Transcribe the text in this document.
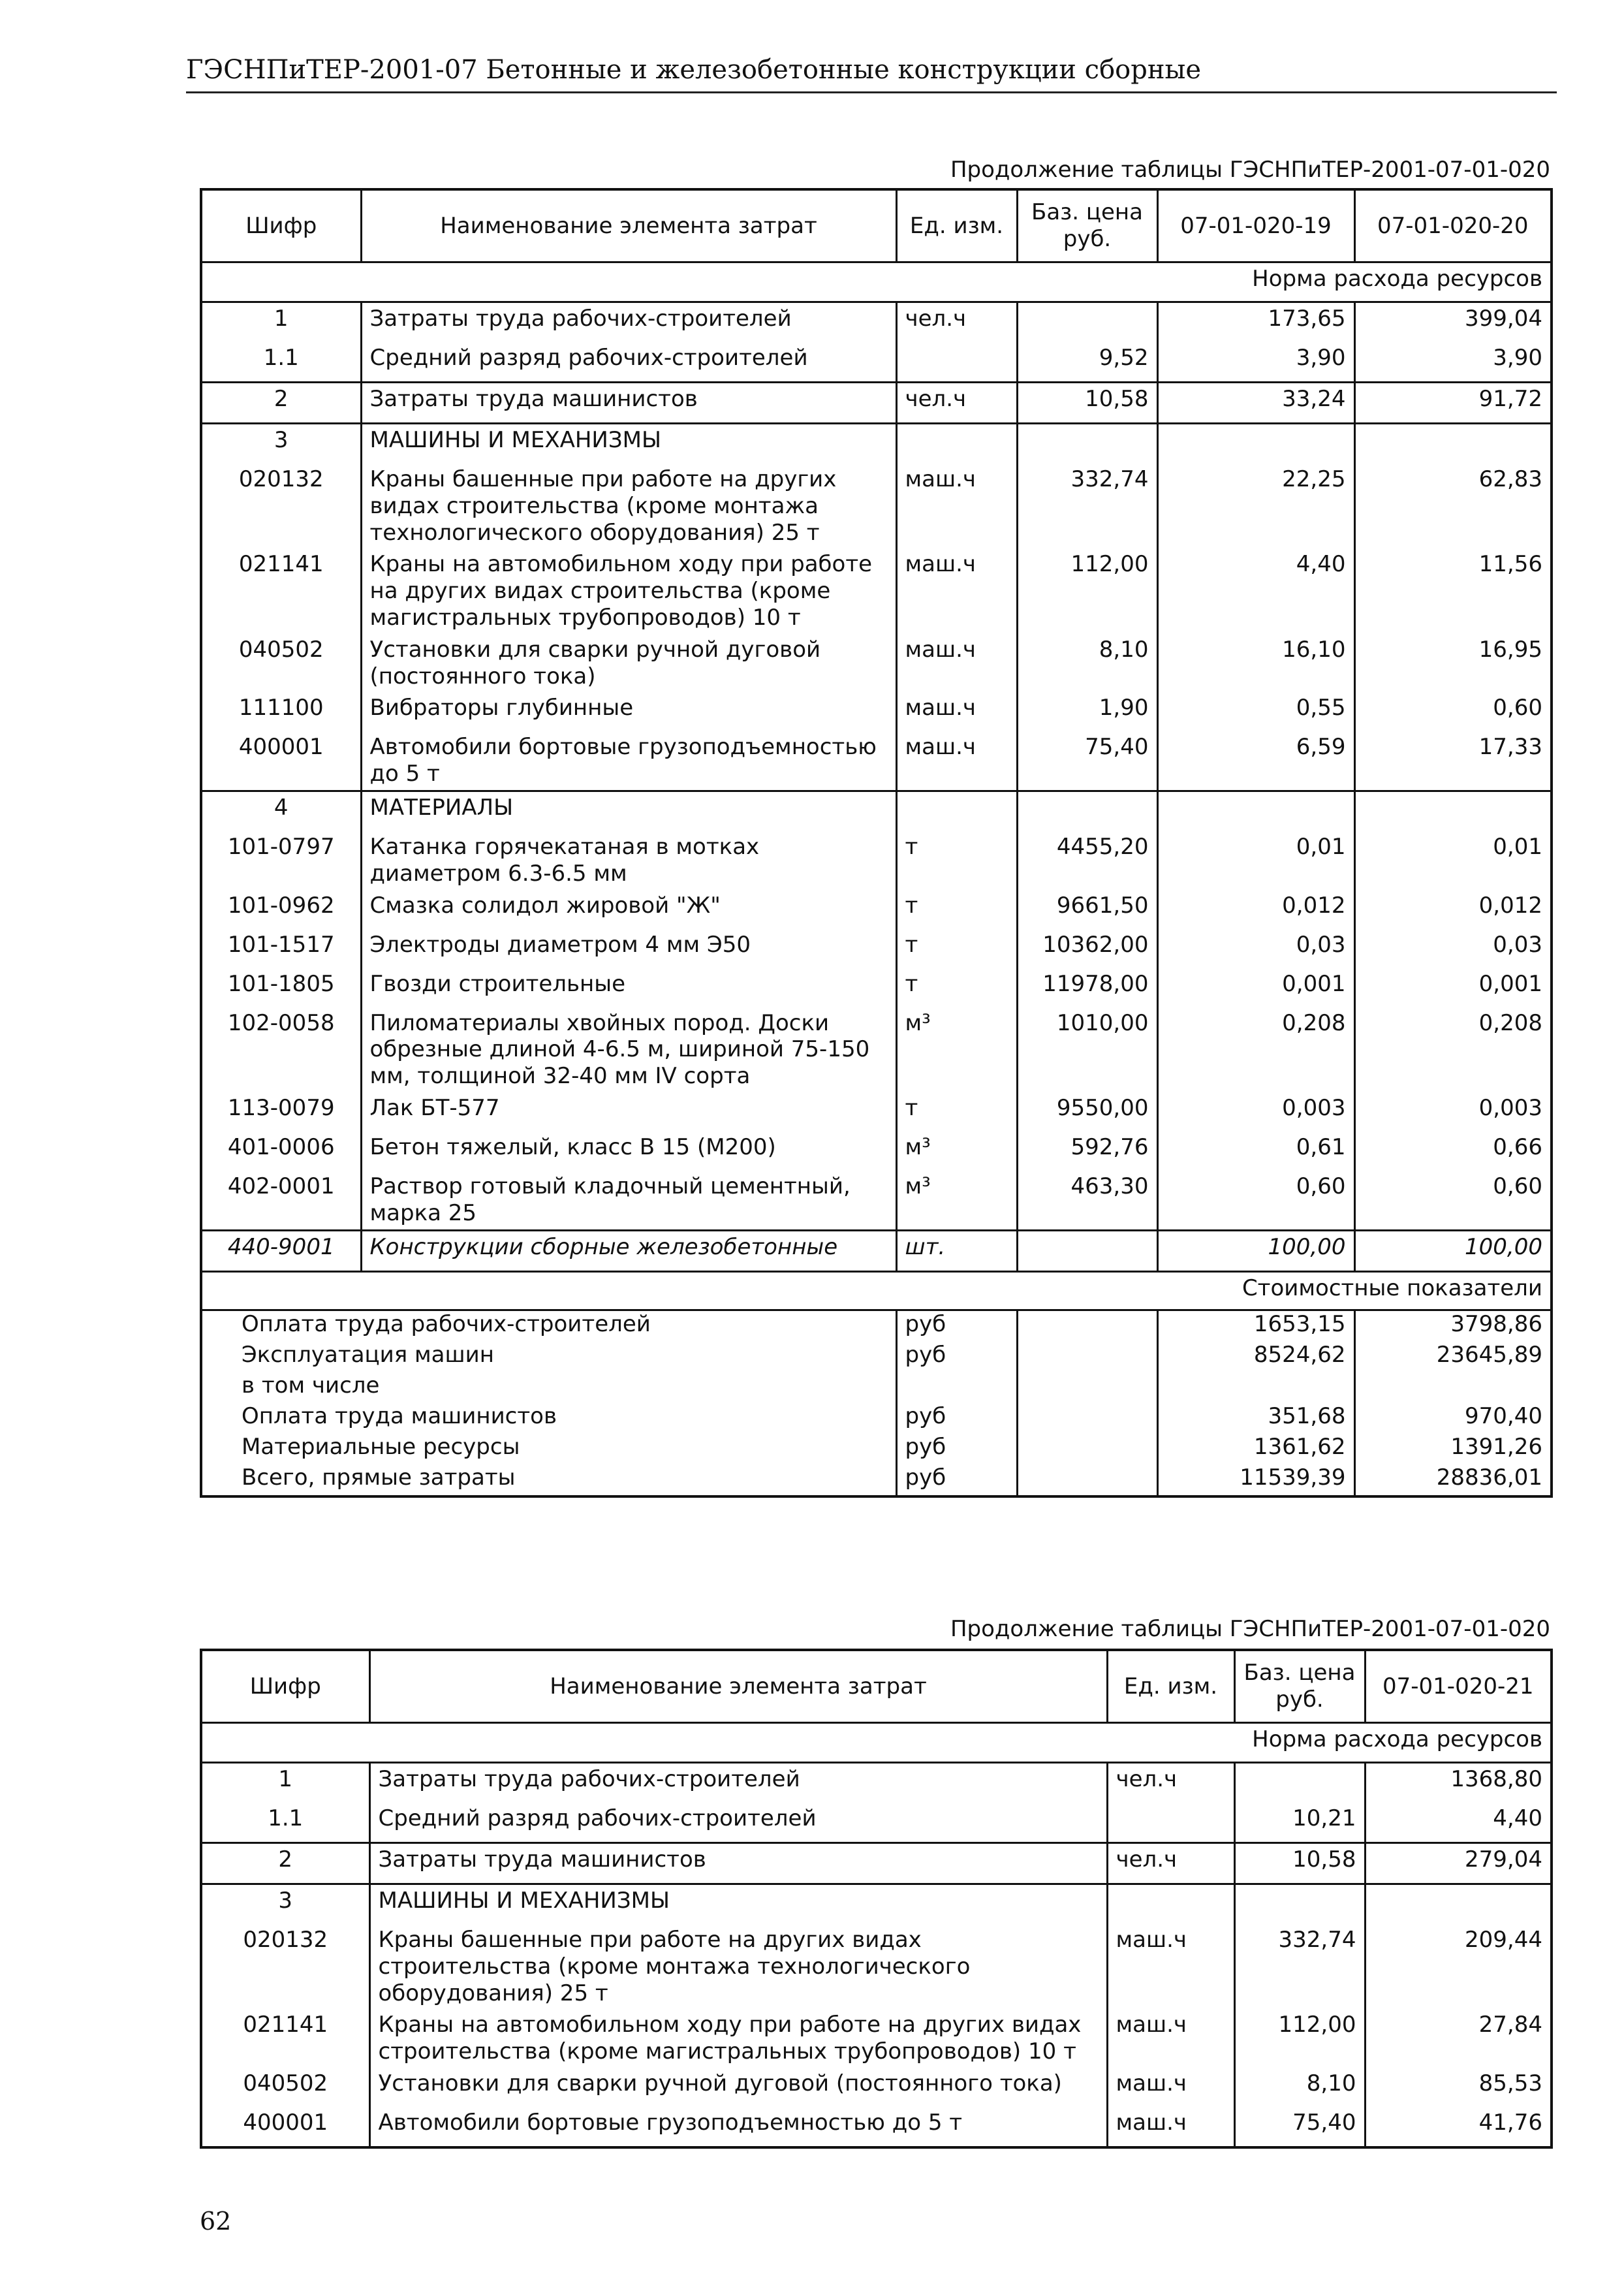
ГЭСНПиТЕР-2001-07 Бетонные и железобетонные конструкции сборные
Продолжение таблицы ГЭСНПиТЕР-2001-07-01-020
Шифр	Наименование элемента затрат	Ед. изм.	Баз. цена руб.	07-01-020-19	07-01-020-20
Норма расхода ресурсов					
1	Затраты труда рабочих-строителей	чел.ч		173,65	399,04
1.1	Средний разряд рабочих-строителей		9,52	3,90	3,90
2	Затраты труда машинистов	чел.ч	10,58	33,24	91,72
3	МАШИНЫ И МЕХАНИЗМЫ				
020132	Краны башенные при работе на других видах строительства (кроме монтажа технологического оборудования) 25 т	маш.ч	332,74	22,25	62,83
021141	Краны на автомобильном ходу при работе на других видах строительства (кроме магистральных трубопроводов) 10 т	маш.ч	112,00	4,40	11,56
040502	Установки для сварки ручной дуговой (постоянного тока)	маш.ч	8,10	16,10	16,95
111100	Вибраторы глубинные	маш.ч	1,90	0,55	0,60
400001	Автомобили бортовые грузоподъемностью до 5 т	маш.ч	75,40	6,59	17,33
4	МАТЕРИАЛЫ				
101-0797	Катанка горячекатаная в мотках диаметром 6.3-6.5 мм	т	4455,20	0,01	0,01
101-0962	Смазка солидол жировой "Ж"	т	9661,50	0,012	0,012
101-1517	Электроды диаметром 4 мм Э50	т	10362,00	0,03	0,03
101-1805	Гвозди строительные	т	11978,00	0,001	0,001
102-0058	Пиломатериалы хвойных пород. Доски обрезные длиной 4-6.5 м, шириной 75-150 мм, толщиной 32-40 мм IV сорта	м³	1010,00	0,208	0,208
113-0079	Лак БТ-577	т	9550,00	0,003	0,003
401-0006	Бетон тяжелый, класс В 15 (М200)	м³	592,76	0,61	0,66
402-0001	Раствор готовый кладочный цементный, марка 25	м³	463,30	0,60	0,60
440-9001	Конструкции сборные железобетонные	шт.		100,00	100,00
Стоимостные показатели					
Оплата труда рабочих-строителей		руб		1653,15	3798,86
Эксплуатация машин		руб		8524,62	23645,89
в том числе					
Оплата труда машинистов		руб		351,68	970,40
Материальные ресурсы		руб		1361,62	1391,26
Всего, прямые затраты		руб		11539,39	28836,01
Продолжение таблицы ГЭСНПиТЕР-2001-07-01-020
Шифр	Наименование элемента затрат	Ед. изм.	Баз. цена руб.	07-01-020-21
Норма расхода ресурсов				
1	Затраты труда рабочих-строителей	чел.ч		1368,80
1.1	Средний разряд рабочих-строителей		10,21	4,40
2	Затраты труда машинистов	чел.ч	10,58	279,04
3	МАШИНЫ И МЕХАНИЗМЫ			
020132	Краны башенные при работе на других видах строительства (кроме монтажа технологического оборудования) 25 т	маш.ч	332,74	209,44
021141	Краны на автомобильном ходу при работе на других видах строительства (кроме магистральных трубопроводов) 10 т	маш.ч	112,00	27,84
040502	Установки для сварки ручной дуговой (постоянного тока)	маш.ч	8,10	85,53
400001	Автомобили бортовые грузоподъемностью до 5 т	маш.ч	75,40	41,76
62
